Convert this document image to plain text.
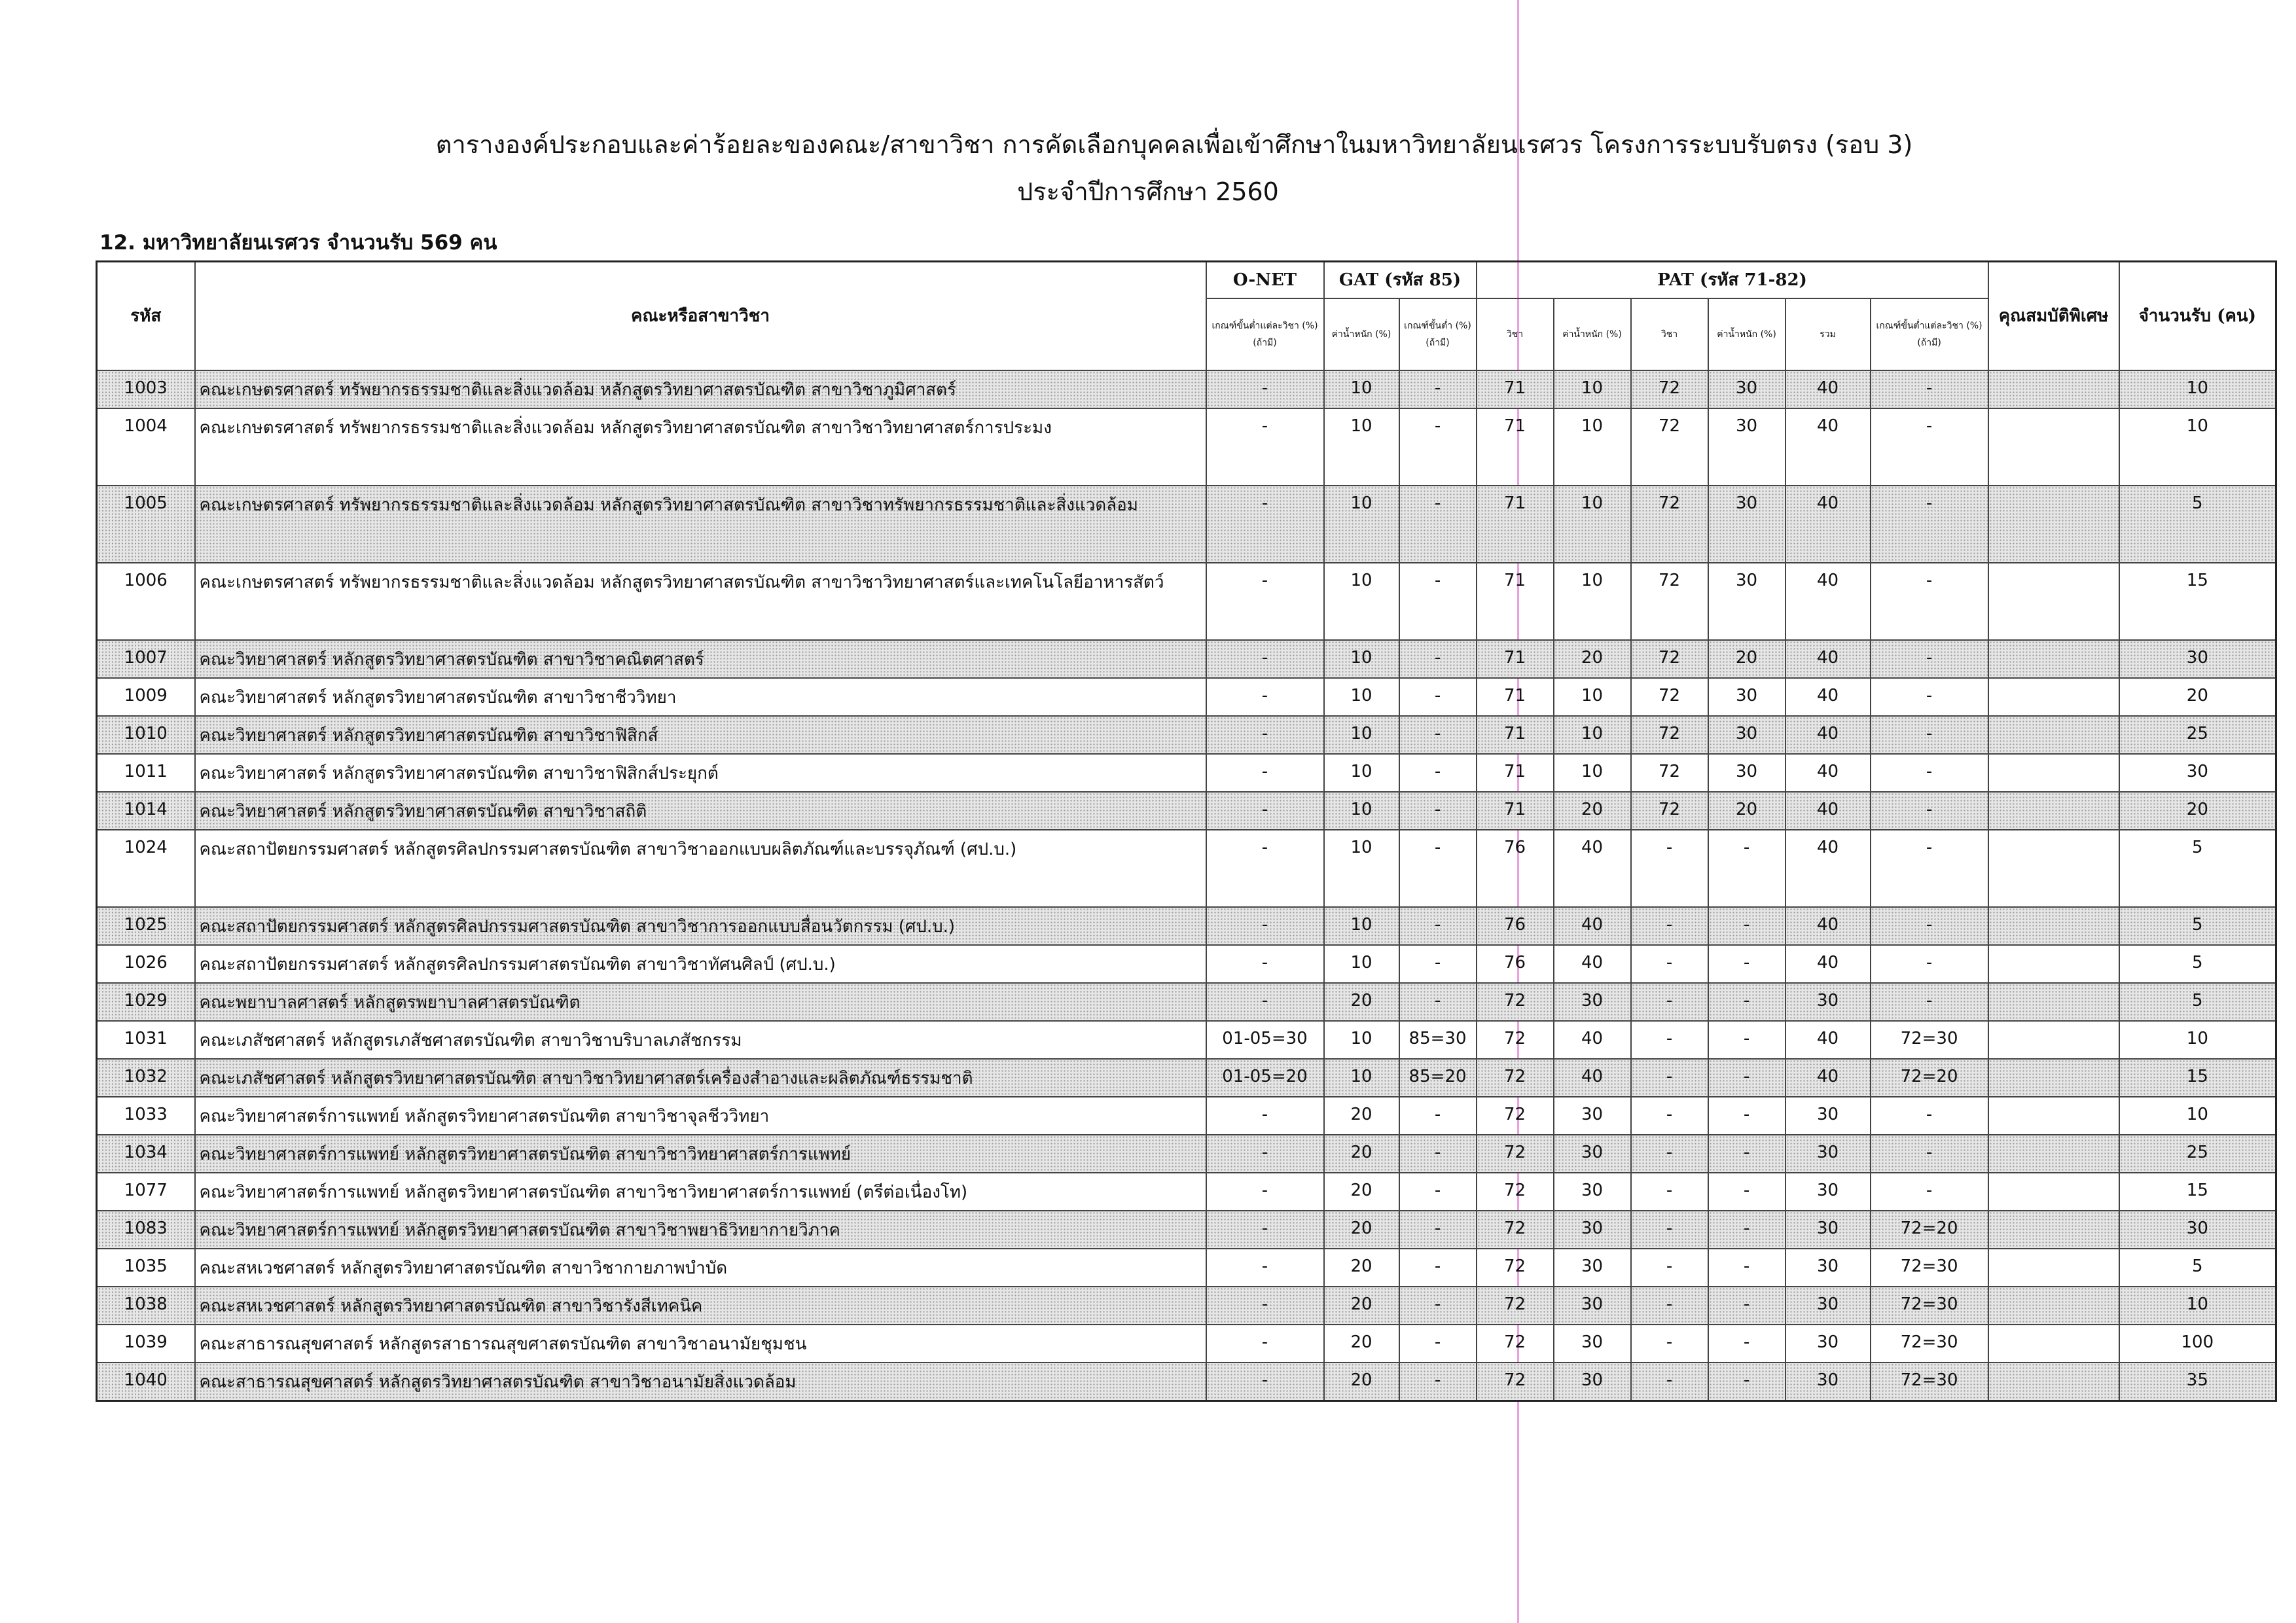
ตารางองค์ประกอบและค่าร้อยละของคณะ/สาขาวิชา การคัดเลือกบุคคลเพื่อเข้าศึกษาในมหาวิทยาลัยนเรศวร โครงการระบบรับตรง (รอบ 3)
ประจำปีการศึกษา 2560
12. มหาวิทยาลัยนเรศวร จำนวนรับ 569 คน
รหัส	คณะหรือสาขาวิชา	O-NET	GAT (รหัส 85)		PAT (รหัส 71-82)						คุณสมบัติพิเศษ	จำนวนรับ (คน)
		เกณฑ์ขั้นต่ำแต่ละวิชา (%) (ถ้ามี)	ค่าน้ำหนัก (%)	เกณฑ์ขั้นต่ำ (%) (ถ้ามี)	วิชา	ค่าน้ำหนัก (%)	วิชา	ค่าน้ำหนัก (%)	รวม	เกณฑ์ขั้นต่ำแต่ละวิชา (%) (ถ้ามี)		
1003	คณะเกษตรศาสตร์ ทรัพยากรธรรมชาติและสิ่งแวดล้อม หลักสูตรวิทยาศาสตรบัณฑิต สาขาวิชาภูมิศาสตร์	-	10	-	71	10	72	30	40	-		10
1004	คณะเกษตรศาสตร์ ทรัพยากรธรรมชาติและสิ่งแวดล้อม หลักสูตรวิทยาศาสตรบัณฑิต สาขาวิชาวิทยาศาสตร์การประมง	-	10	-	71	10	72	30	40	-		10
1005	คณะเกษตรศาสตร์ ทรัพยากรธรรมชาติและสิ่งแวดล้อม หลักสูตรวิทยาศาสตรบัณฑิต สาขาวิชาทรัพยากรธรรมชาติและสิ่งแวดล้อม	-	10	-	71	10	72	30	40	-		5
1006	คณะเกษตรศาสตร์ ทรัพยากรธรรมชาติและสิ่งแวดล้อม หลักสูตรวิทยาศาสตรบัณฑิต สาขาวิชาวิทยาศาสตร์และเทคโนโลยีอาหารสัตว์	-	10	-	71	10	72	30	40	-		15
1007	คณะวิทยาศาสตร์ หลักสูตรวิทยาศาสตรบัณฑิต สาขาวิชาคณิตศาสตร์	-	10	-	71	20	72	20	40	-		30
1009	คณะวิทยาศาสตร์ หลักสูตรวิทยาศาสตรบัณฑิต สาขาวิชาชีววิทยา	-	10	-	71	10	72	30	40	-		20
1010	คณะวิทยาศาสตร์ หลักสูตรวิทยาศาสตรบัณฑิต สาขาวิชาฟิสิกส์	-	10	-	71	10	72	30	40	-		25
1011	คณะวิทยาศาสตร์ หลักสูตรวิทยาศาสตรบัณฑิต สาขาวิชาฟิสิกส์ประยุกต์	-	10	-	71	10	72	30	40	-		30
1014	คณะวิทยาศาสตร์ หลักสูตรวิทยาศาสตรบัณฑิต สาขาวิชาสถิติ	-	10	-	71	20	72	20	40	-		20
1024	คณะสถาปัตยกรรมศาสตร์ หลักสูตรศิลปกรรมศาสตรบัณฑิต สาขาวิชาออกแบบผลิตภัณฑ์และบรรจุภัณฑ์ (ศป.บ.)	-	10	-	76	40	-	-	40	-		5
1025	คณะสถาปัตยกรรมศาสตร์ หลักสูตรศิลปกรรมศาสตรบัณฑิต สาขาวิชาการออกแบบสื่อนวัตกรรม (ศป.บ.)	-	10	-	76	40	-	-	40	-		5
1026	คณะสถาปัตยกรรมศาสตร์ หลักสูตรศิลปกรรมศาสตรบัณฑิต สาขาวิชาทัศนศิลป์ (ศป.บ.)	-	10	-	76	40	-	-	40	-		5
1029	คณะพยาบาลศาสตร์ หลักสูตรพยาบาลศาสตรบัณฑิต	-	20	-	72	30	-	-	30	-		5
1031	คณะเภสัชศาสตร์ หลักสูตรเภสัชศาสตรบัณฑิต สาขาวิชาบริบาลเภสัชกรรม	01-05=30	10	85=30	72	40	-	-	40	72=30		10
1032	คณะเภสัชศาสตร์ หลักสูตรวิทยาศาสตรบัณฑิต สาขาวิชาวิทยาศาสตร์เครื่องสำอางและผลิตภัณฑ์ธรรมชาติ	01-05=20	10	85=20	72	40	-	-	40	72=20		15
1033	คณะวิทยาศาสตร์การแพทย์ หลักสูตรวิทยาศาสตรบัณฑิต สาขาวิชาจุลชีววิทยา	-	20	-	72	30	-	-	30	-		10
1034	คณะวิทยาศาสตร์การแพทย์ หลักสูตรวิทยาศาสตรบัณฑิต สาขาวิชาวิทยาศาสตร์การแพทย์	-	20	-	72	30	-	-	30	-		25
1077	คณะวิทยาศาสตร์การแพทย์ หลักสูตรวิทยาศาสตรบัณฑิต สาขาวิชาวิทยาศาสตร์การแพทย์ (ตรีต่อเนื่องโท)	-	20	-	72	30	-	-	30	-		15
1083	คณะวิทยาศาสตร์การแพทย์ หลักสูตรวิทยาศาสตรบัณฑิต สาขาวิชาพยาธิวิทยากายวิภาค	-	20	-	72	30	-	-	30	72=20		30
1035	คณะสหเวชศาสตร์ หลักสูตรวิทยาศาสตรบัณฑิต สาขาวิชากายภาพบำบัด	-	20	-	72	30	-	-	30	72=30		5
1038	คณะสหเวชศาสตร์ หลักสูตรวิทยาศาสตรบัณฑิต สาขาวิชารังสีเทคนิค	-	20	-	72	30	-	-	30	72=30		10
1039	คณะสาธารณสุขศาสตร์ หลักสูตรสาธารณสุขศาสตรบัณฑิต สาขาวิชาอนามัยชุมชน	-	20	-	72	30	-	-	30	72=30		100
1040	คณะสาธารณสุขศาสตร์ หลักสูตรวิทยาศาสตรบัณฑิต สาขาวิชาอนามัยสิ่งแวดล้อม	-	20	-	72	30	-	-	30	72=30		35
